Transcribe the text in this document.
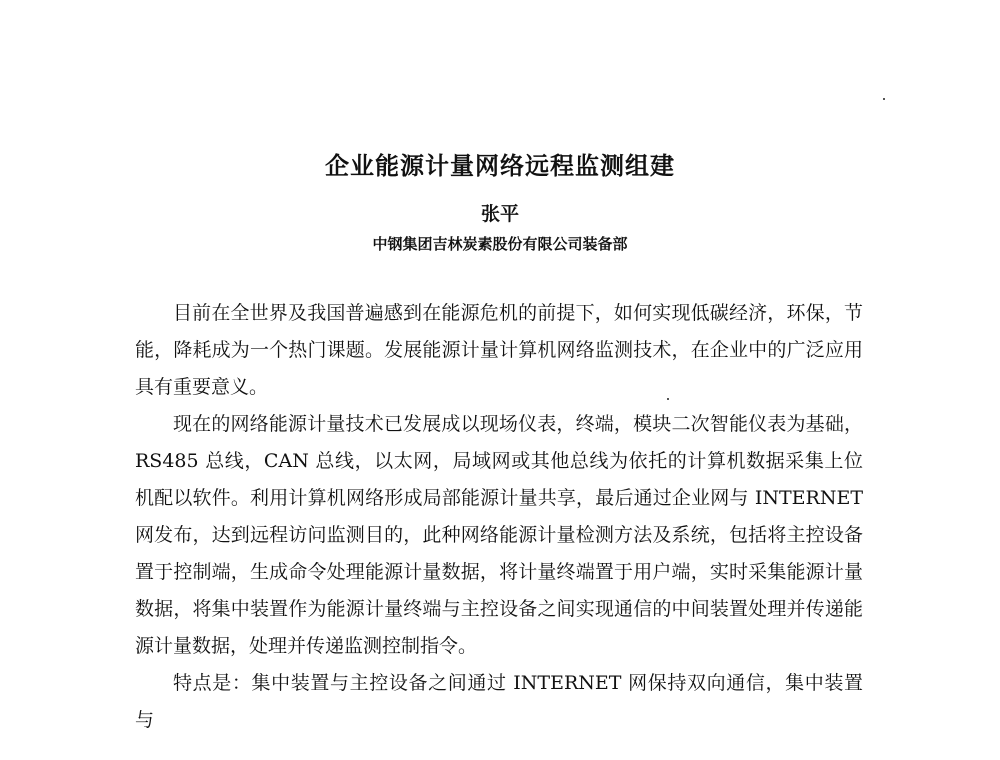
企业能源计量网络远程监测组建
张平
中钢集团吉林炭素股份有限公司装备部

目前在全世界及我国普遍感到在能源危机的前提下，如何实现低碳经济，环保，节能，降耗成为一个热门课题。发展能源计量计算机网络监测技术，在企业中的广泛应用具有重要意义。

现在的网络能源计量技术已发展成以现场仪表，终端，模块二次智能仪表为基础，RS485 总线，CAN 总线，以太网，局域网或其他总线为依托的计算机数据采集上位机配以软件。利用计算机网络形成局部能源计量共享，最后通过企业网与 INTERNET 网发布，达到远程访问监测目的，此种网络能源计量检测方法及系统，包括将主控设备置于控制端，生成命令处理能源计量数据，将计量终端置于用户端，实时采集能源计量数据，将集中装置作为能源计量终端与主控设备之间实现通信的中间装置处理并传递能源计量数据，处理并传递监测控制指令。

特点是：集中装置与主控设备之间通过 INTERNET 网保持双向通信，集中装置与
